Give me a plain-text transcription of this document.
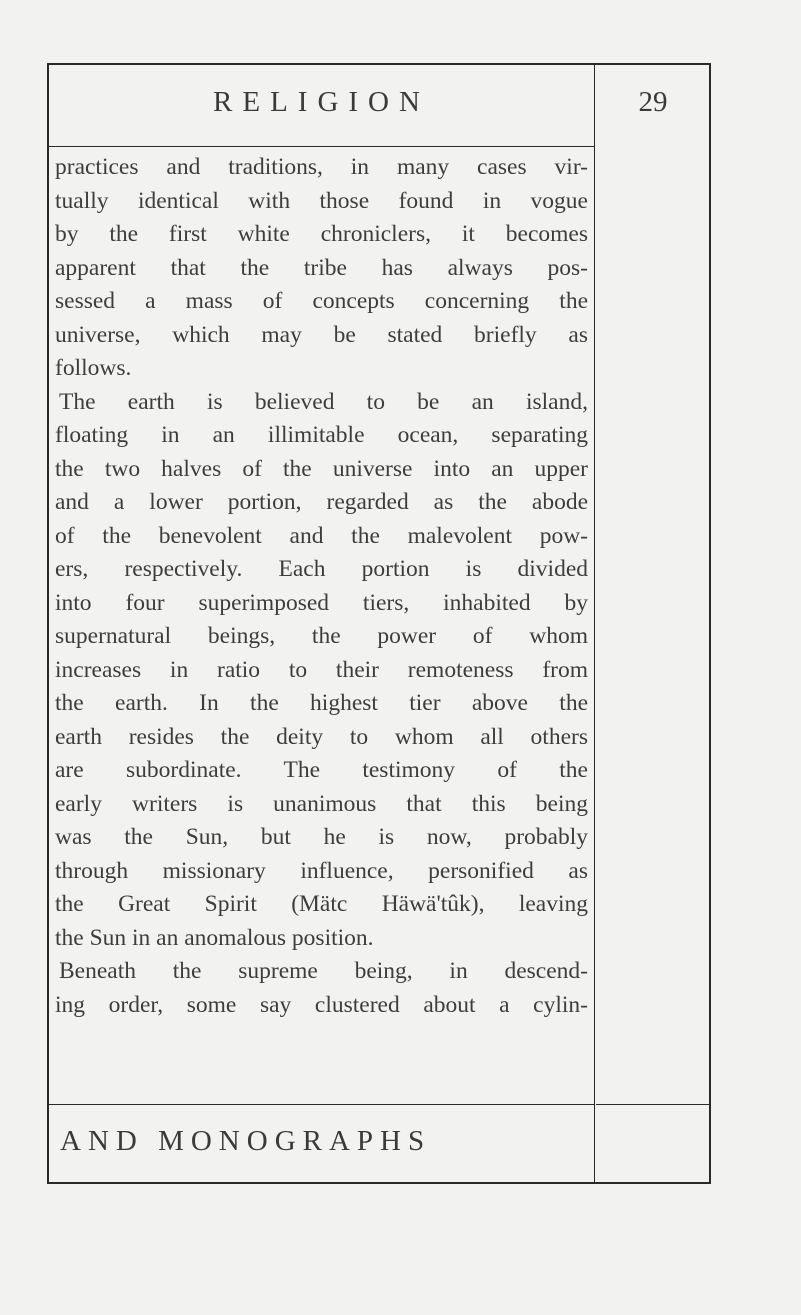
RELIGION	29
practices and traditions, in many cases vir-
tually identical with those found in vogue
by the first white chroniclers, it becomes
apparent that the tribe has always pos-
sessed a mass of concepts concerning the
universe, which may be stated briefly as
follows.
The earth is believed to be an island,
floating in an illimitable ocean, separating
the two halves of the universe into an upper
and a lower portion, regarded as the abode
of the benevolent and the malevolent pow-
ers, respectively. Each portion is divided
into four superimposed tiers, inhabited by
supernatural beings, the power of whom
increases in ratio to their remoteness from
the earth. In the highest tier above the
earth resides the deity to whom all others
are subordinate. The testimony of the
early writers is unanimous that this being
was the Sun, but he is now, probably
through missionary influence, personified as
the Great Spirit (Mätc Häwä'tûk), leaving
the Sun in an anomalous position.
Beneath the supreme being, in descend-
ing order, some say clustered about a cylin-
AND MONOGRAPHS
